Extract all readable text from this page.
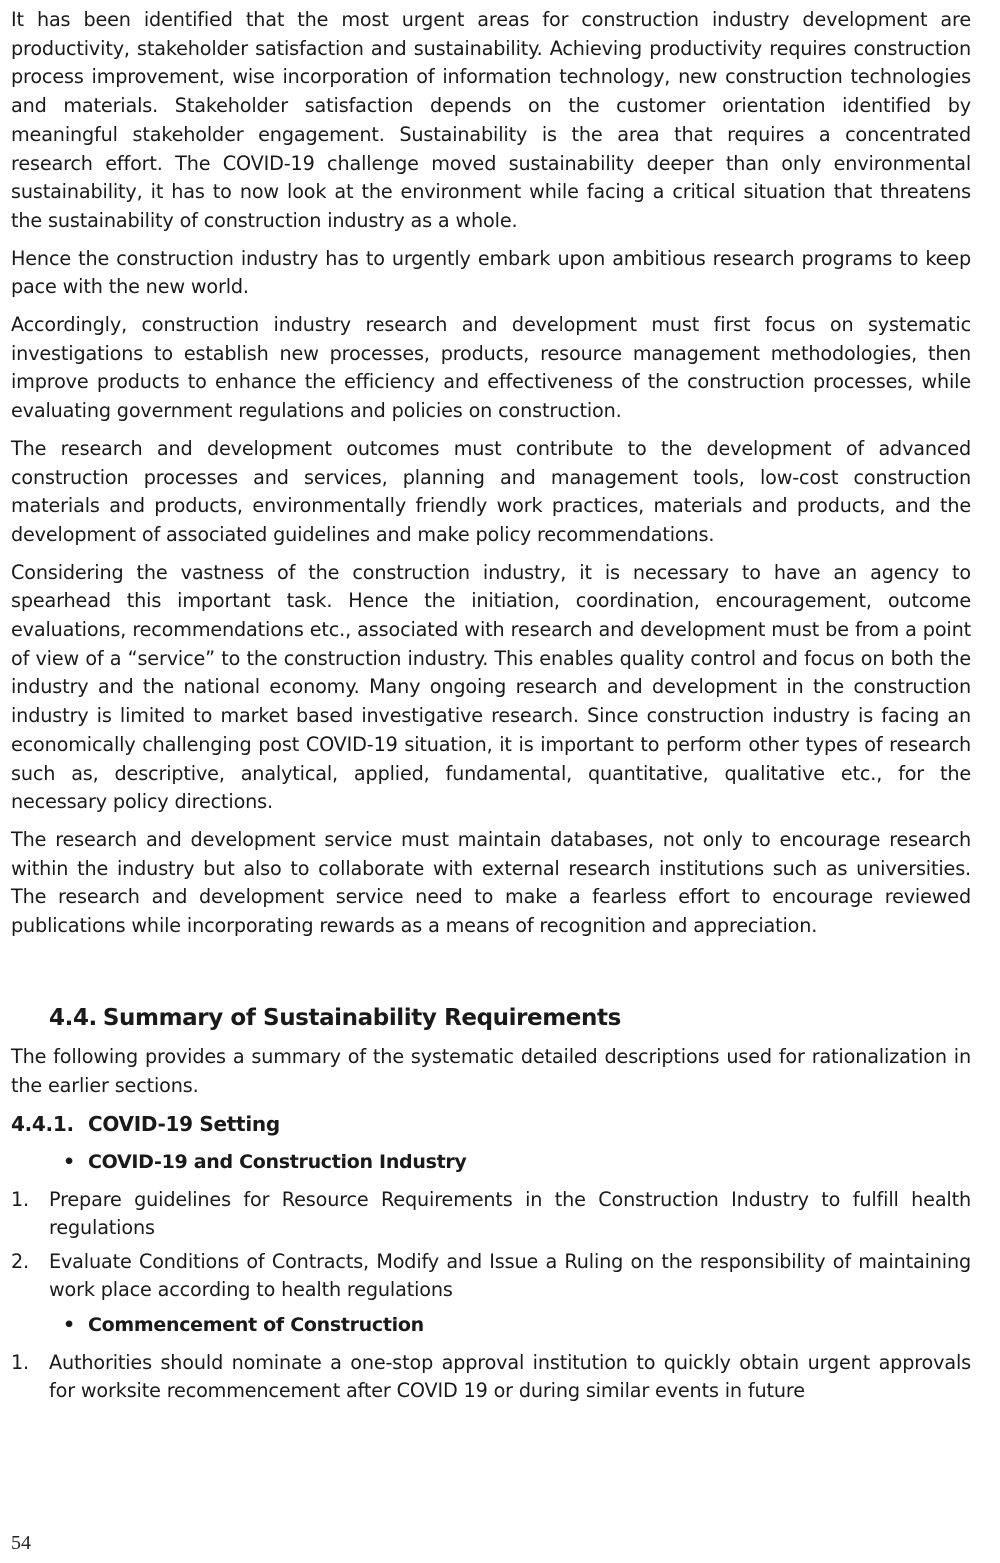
It has been identified that the most urgent areas for construction industry development are productivity, stakeholder satisfaction and sustainability. Achieving productivity requires construction process improvement, wise incorporation of information technology, new construction technologies and materials. Stakeholder satisfaction depends on the customer orientation identified by meaningful stakeholder engagement. Sustainability is the area that requires a concentrated research effort. The COVID-19 challenge moved sustainability deeper than only environmental sustainability, it has to now look at the environment while facing a critical situation that threatens the sustainability of construction industry as a whole.

Hence the construction industry has to urgently embark upon ambitious research programs to keep pace with the new world.

Accordingly, construction industry research and development must first focus on systematic investigations to establish new processes, products, resource management methodologies, then improve products to enhance the efficiency and effectiveness of the construction processes, while evaluating government regulations and policies on construction.

The research and development outcomes must contribute to the development of advanced construction processes and services, planning and management tools, low-cost construction materials and products, environmentally friendly work practices, materials and products, and the development of associated guidelines and make policy recommendations.

Considering the vastness of the construction industry, it is necessary to have an agency to spearhead this important task. Hence the initiation, coordination, encouragement, outcome evaluations, recommendations etc., associated with research and development must be from a point of view of a “service” to the construction industry. This enables quality control and focus on both the industry and the national economy. Many ongoing research and development in the construction industry is limited to market based investigative research. Since construction industry is facing an economically challenging post COVID-19 situation, it is important to perform other types of research such as, descriptive, analytical, applied, fundamental, quantitative, qualitative etc., for the necessary policy directions.

The research and development service must maintain databases, not only to encourage research within the industry but also to collaborate with external research institutions such as universities. The research and development service need to make a fearless effort to encourage reviewed publications while incorporating rewards as a means of recognition and appreciation.

4.4. Summary of Sustainability Requirements

The following provides a summary of the systematic detailed descriptions used for rationalization in the earlier sections.

4.4.1. COVID-19 Setting
• COVID-19 and Construction Industry
1.	Prepare guidelines for Resource Requirements in the Construction Industry to fulfill health regulations
2.	Evaluate Conditions of Contracts, Modify and Issue a Ruling on the responsibility of maintaining work place according to health regulations
• Commencement of Construction
1.	Authorities should nominate a one-stop approval institution to quickly obtain urgent approvals for worksite recommencement after COVID 19 or during similar events in future
54
